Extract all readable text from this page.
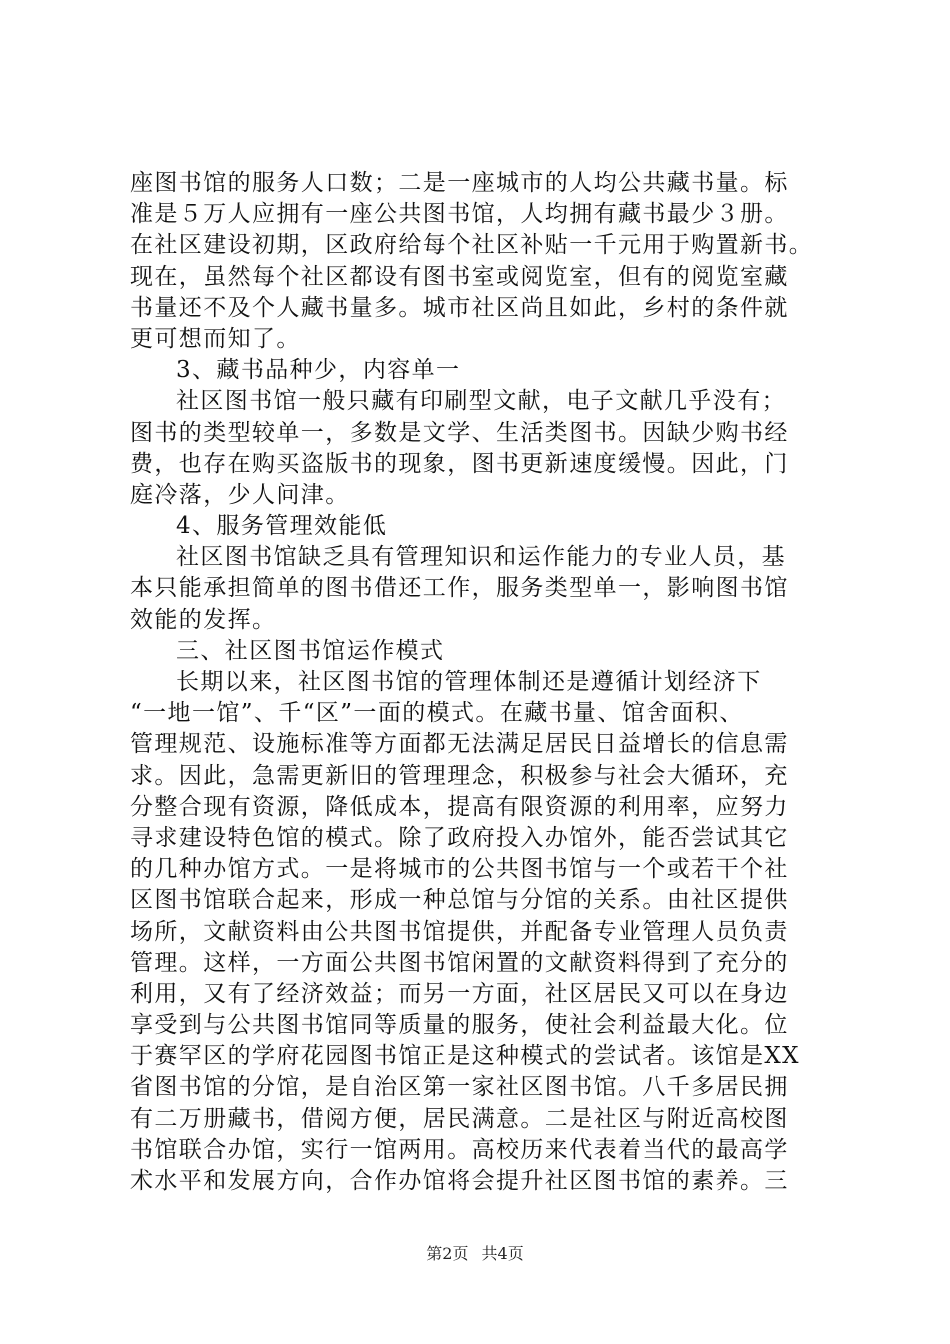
座图书馆的服务人口数；二是一座城市的人均公共藏书量。标
准是５万人应拥有一座公共图书馆，人均拥有藏书最少３册。
在社区建设初期，区政府给每个社区补贴一千元用于购置新书。
现在，虽然每个社区都设有图书室或阅览室，但有的阅览室藏
书量还不及个人藏书量多。城市社区尚且如此，乡村的条件就
更可想而知了。
3、藏书品种少，内容单一
社区图书馆一般只藏有印刷型文献，电子文献几乎没有；
图书的类型较单一，多数是文学、生活类图书。因缺少购书经
费，也存在购买盗版书的现象，图书更新速度缓慢。因此，门
庭冷落，少人问津。
4、服务管理效能低
社区图书馆缺乏具有管理知识和运作能力的专业人员，基
本只能承担简单的图书借还工作，服务类型单一，影响图书馆
效能的发挥。
三、社区图书馆运作模式
长期以来，社区图书馆的管理体制还是遵循计划经济下
“一地一馆”、千“区”一面的模式。在藏书量、馆舍面积、
管理规范、设施标准等方面都无法满足居民日益增长的信息需
求。因此，急需更新旧的管理理念，积极参与社会大循环，充
分整合现有资源，降低成本，提高有限资源的利用率，应努力
寻求建设特色馆的模式。除了政府投入办馆外，能否尝试其它
的几种办馆方式。一是将城市的公共图书馆与一个或若干个社
区图书馆联合起来，形成一种总馆与分馆的关系。由社区提供
场所，文献资料由公共图书馆提供，并配备专业管理人员负责
管理。这样，一方面公共图书馆闲置的文献资料得到了充分的
利用，又有了经济效益；而另一方面，社区居民又可以在身边
享受到与公共图书馆同等质量的服务，使社会利益最大化。位
于赛罕区的学府花园图书馆正是这种模式的尝试者。该馆是XX
省图书馆的分馆，是自治区第一家社区图书馆。八千多居民拥
有二万册藏书，借阅方便，居民满意。二是社区与附近高校图
书馆联合办馆，实行一馆两用。高校历来代表着当代的最高学
术水平和发展方向，合作办馆将会提升社区图书馆的素养。三
第2页 共4页
